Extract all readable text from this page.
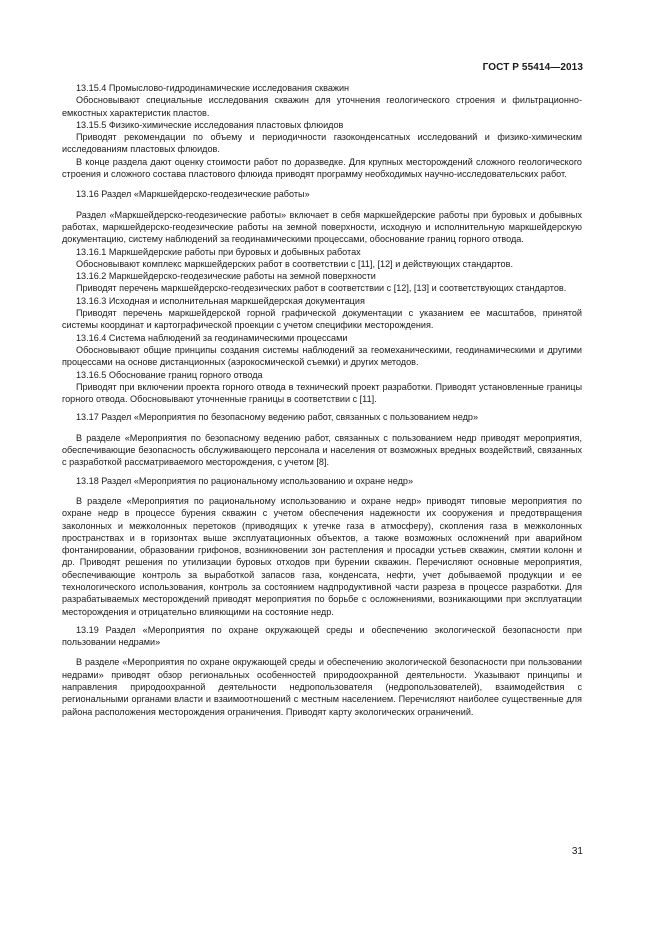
ГОСТ Р 55414—2013

13.15.4 Промыслово-гидродинамические исследования скважин

Обосновывают специальные исследования скважин для уточнения геологического строения и фильтрационно-емкостных характеристик пластов.

13.15.5 Физико-химические исследования пластовых флюидов

Приводят рекомендации по объему и периодичности газоконденсатных исследований и физико-химическим исследованиям пластовых флюидов.

В конце раздела дают оценку стоимости работ по доразведке. Для крупных месторождений сложного геологического строения и сложного состава пластового флюида приводят программу необходимых научно-исследовательских работ.

13.16 Раздел «Маркшейдерско-геодезические работы»

Раздел «Маркшейдерско-геодезические работы» включает в себя маркшейдерские работы при буровых и добывных работах, маркшейдерско-геодезические работы на земной поверхности, исходную и исполнительную маркшейдерскую документацию, систему наблюдений за геодинамическими процессами, обоснование границ горного отвода.

13.16.1 Маркшейдерские работы при буровых и добывных работах

Обосновывают комплекс маркшейдерских работ в соответствии с [11], [12] и действующих стандартов.

13.16.2 Маркшейдерско-геодезические работы на земной поверхности

Приводят перечень маркшейдерско-геодезических работ в соответствии с [12], [13] и соответствующих стандартов.

13.16.3 Исходная и исполнительная маркшейдерская документация

Приводят перечень маркшейдерской горной графической документации с указанием ее масштабов, принятой системы координат и картографической проекции с учетом специфики месторождения.

13.16.4 Система наблюдений за геодинамическими процессами

Обосновывают общие принципы создания системы наблюдений за геомеханическими, геодинамическими и другими процессами на основе дистанционных (аэрокосмической съемки) и других методов.

13.16.5 Обоснование границ горного отвода

Приводят при включении проекта горного отвода в технический проект разработки. Приводят установленные границы горного отвода. Обосновывают уточненные границы в соответствии с [11].

13.17 Раздел «Мероприятия по безопасному ведению работ, связанных с пользованием недр»

В разделе «Мероприятия по безопасному ведению работ, связанных с пользованием недр приводят мероприятия, обеспечивающие безопасность обслуживающего персонала и населения от возможных вредных воздействий, связанных с разработкой рассматриваемого месторождения, с учетом [8].

13.18 Раздел «Мероприятия по рациональному использованию и охране недр»

В разделе «Мероприятия по рациональному использованию и охране недр» приводят типовые мероприятия по охране недр в процессе бурения скважин с учетом обеспечения надежности их сооружения и предотвращения заколонных и межколонных перетоков (приводящих к утечке газа в атмосферу), скопления газа в межколонных пространствах и в горизонтах выше эксплуатационных объектов, а также возможных осложнений при аварийном фонтанировании, образовании грифонов, возникновении зон растепления и просадки устьев скважин, смятии колонн и др. Приводят решения по утилизации буровых отходов при бурении скважин. Перечисляют основные мероприятия, обеспечивающие контроль за выработкой запасов газа, конденсата, нефти, учет добываемой продукции и ее технологического использования, контроль за состоянием надпродуктивной части разреза в процессе разработки. Для разрабатываемых месторождений приводят мероприятия по борьбе с осложнениями, возникающими при эксплуатации месторождения и отрицательно влияющими на состояние недр.

13.19 Раздел «Мероприятия по охране окружающей среды и обеспечению экологической безопасности при пользовании недрами»

В разделе «Мероприятия по охране окружающей среды и обеспечению экологической безопасности при пользовании недрами» приводят обзор региональных особенностей природоохранной деятельности. Указывают принципы и направления природоохранной деятельности недропользователя (недропользователей), взаимодействия с региональными органами власти и взаимоотношений с местным населением. Перечисляют наиболее существенные для района расположения месторождения ограничения. Приводят карту экологических ограничений.

31
